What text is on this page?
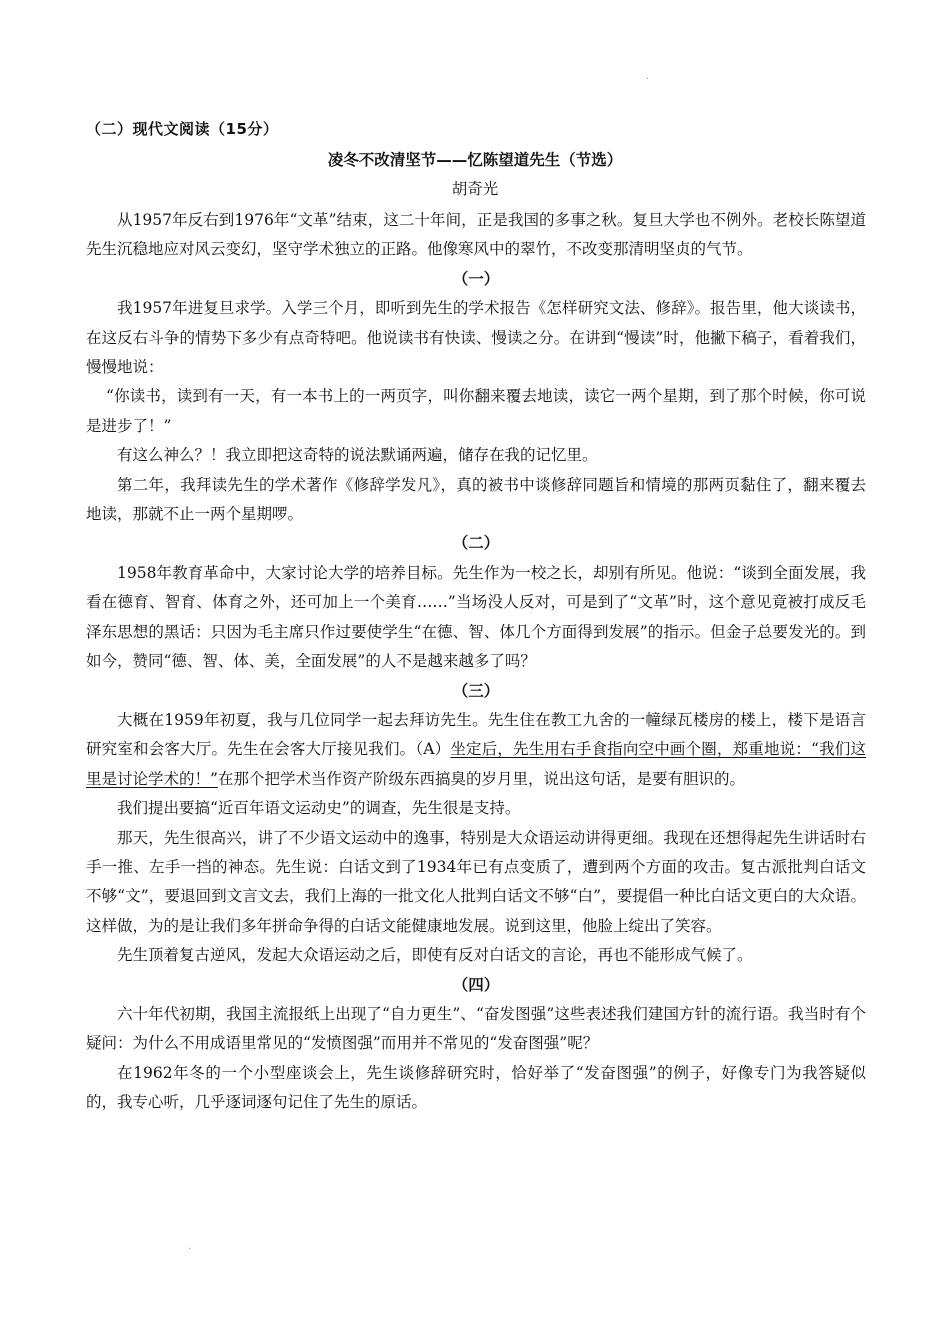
·
（二）现代文阅读（15分）
凌冬不改清坚节——忆陈望道先生（节选）
胡奇光

从1957年反右到1976年“文革”结束，这二十年间，正是我国的多事之秋。复旦大学也不例外。老校长陈望道先生沉稳地应对风云变幻，坚守学术独立的正路。他像寒风中的翠竹，不改变那清明坚贞的气节。

（一）

我1957年进复旦求学。入学三个月，即听到先生的学术报告《怎样研究文法、修辞》。报告里，他大谈读书，在这反右斗争的情势下多少有点奇特吧。他说读书有快读、慢读之分。在讲到“慢读”时，他撇下稿子，看着我们，慢慢地说：

“你读书，读到有一天，有一本书上的一两页字，叫你翻来覆去地读，读它一两个星期，到了那个时候，你可说是进步了！”

有这么神么？！我立即把这奇特的说法默诵两遍，储存在我的记忆里。

第二年，我拜读先生的学术著作《修辞学发凡》，真的被书中谈修辞同题旨和情境的那两页黏住了，翻来覆去地读，那就不止一两个星期啰。

（二）

1958年教育革命中，大家讨论大学的培养目标。先生作为一校之长，却别有所见。他说：“谈到全面发展，我看在德育、智育、体育之外，还可加上一个美育……”当场没人反对，可是到了“文革”时，这个意见竟被打成反毛泽东思想的黑话：只因为毛主席只作过要使学生“在德、智、体几个方面得到发展”的指示。但金子总要发光的。到如今，赞同“德、智、体、美，全面发展”的人不是越来越多了吗？

（三）

大概在1959年初夏，我与几位同学一起去拜访先生。先生住在教工九舍的一幢绿瓦楼房的楼上，楼下是语言研究室和会客大厅。先生在会客大厅接见我们。（A）坐定后，先生用右手食指向空中画个圈，郑重地说：“我们这里是讨论学术的！”在那个把学术当作资产阶级东西搞臭的岁月里，说出这句话，是要有胆识的。

我们提出要搞“近百年语文运动史”的调查，先生很是支持。

那天，先生很高兴，讲了不少语文运动中的逸事，特别是大众语运动讲得更细。我现在还想得起先生讲话时右手一推、左手一挡的神态。先生说：白话文到了1934年已有点变质了，遭到两个方面的攻击。复古派批判白话文不够“文”，要退回到文言文去，我们上海的一批文化人批判白话文不够“白”，要提倡一种比白话文更白的大众语。这样做，为的是让我们多年拼命争得的白话文能健康地发展。说到这里，他脸上绽出了笑容。

先生顶着复古逆风，发起大众语运动之后，即使有反对白话文的言论，再也不能形成气候了。

（四）

六十年代初期，我国主流报纸上出现了“自力更生”、“奋发图强”这些表述我们建国方针的流行语。我当时有个疑问：为什么不用成语里常见的“发愤图强”而用并不常见的“发奋图强”呢？

在1962年冬的一个小型座谈会上，先生谈修辞研究时，恰好举了“发奋图强”的例子，好像专门为我答疑似的，我专心听，几乎逐词逐句记住了先生的原话。

·
